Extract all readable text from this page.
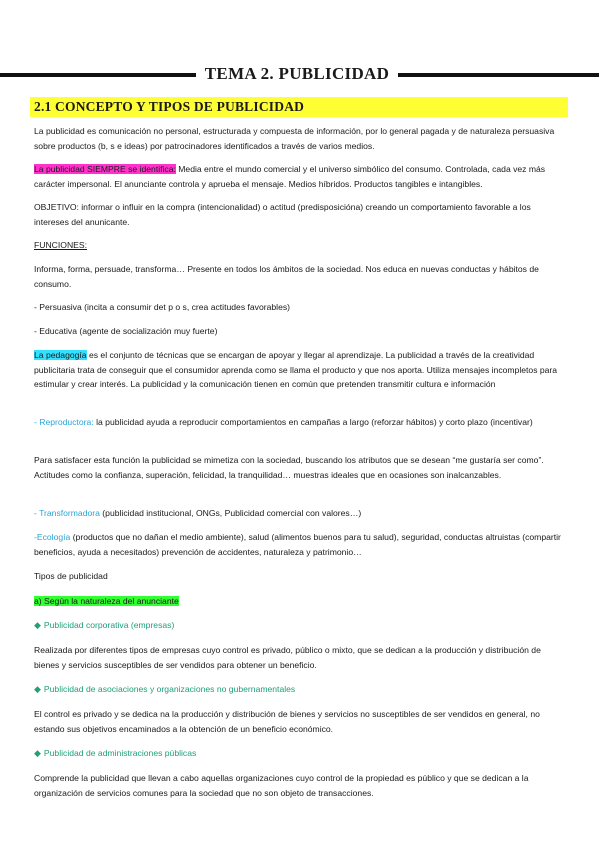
TEMA 2. PUBLICIDAD
2.1 CONCEPTO Y TIPOS DE PUBLICIDAD

La publicidad es comunicación no personal, estructurada y compuesta de información, por lo general pagada y de naturaleza persuasiva sobre productos (b, s e ideas) por patrocinadores identificados a través de varios medios.

La publicidad SIEMPRE se identifica: Media entre el mundo comercial y el universo simbólico del consumo. Controlada, cada vez más carácter impersonal. El anunciante controla y aprueba el mensaje. Medios híbridos. Productos tangibles e intangibles.

OBJETIVO: informar o influir en la compra (intencionalidad) o actitud (predisposiciónа) creando un comportamiento favorable a los intereses del anunicante.

FUNCIONES:

Informa, forma, persuade, transforma… Presente en todos los ámbitos de la sociedad. Nos educa en nuevas conductas y hábitos de consumo.

- Persuasiva (incita a consumir det p o s, crea actitudes favorables)

- Educativa (agente de socialización muy fuerte)

La pedagogía es el conjunto de técnicas que se encargan de apoyar y llegar al aprendizaje. La publicidad a través de la creatividad publicitaria trata de conseguir que el consumidor aprenda como se llama el producto y que nos aporta. Utiliza mensajes incompletos para estimular y crear interés. La publicidad y la comunicación tienen en común que pretenden transmitir cultura e información

- Reproductora: la publicidad ayuda a reproducir comportamientos en campañas a largo (reforzar hábitos) y corto plazo (incentivar)

Para satisfacer esta función la publicidad se mimetiza con la sociedad, buscando los atributos que se desean “me gustaría ser como”. Actitudes como la confianza, superación, felicidad, la tranquilidad… muestras ideales que en ocasiones son inalcanzables.

- Transformadora (publicidad institucional, ONGs, Publicidad comercial con valores…)

-Ecología (productos que no dañan el medio ambiente), salud (alimentos buenos para tu salud), seguridad, conductas altruistas (compartir beneficios, ayuda a necesitados) prevención de accidentes, naturaleza y patrimonio…

Tipos de publicidad

a) Según la naturaleza del anunciante

◆ Publicidad corporativa (empresas)

Realizada por diferentes tipos de empresas cuyo control es privado, público o mixto, que se dedican a la producción y distribución de bienes y servicios susceptibles de ser vendidos para obtener un beneficio.

◆ Publicidad de asociaciones y organizaciones no gubernamentales

El control es privado y se dedica na la producción y distribución de bienes y servicios no susceptibles de ser vendidos en general, no estando sus objetivos encaminados a la obtención de un beneficio económico.

◆ Publicidad de administraciones públicas

Comprende la publicidad que llevan a cabo aquellas organizaciones cuyo control de la propiedad es público y que se dedican a la organización de servicios comunes para la sociedad que no son objeto de transacciones.
